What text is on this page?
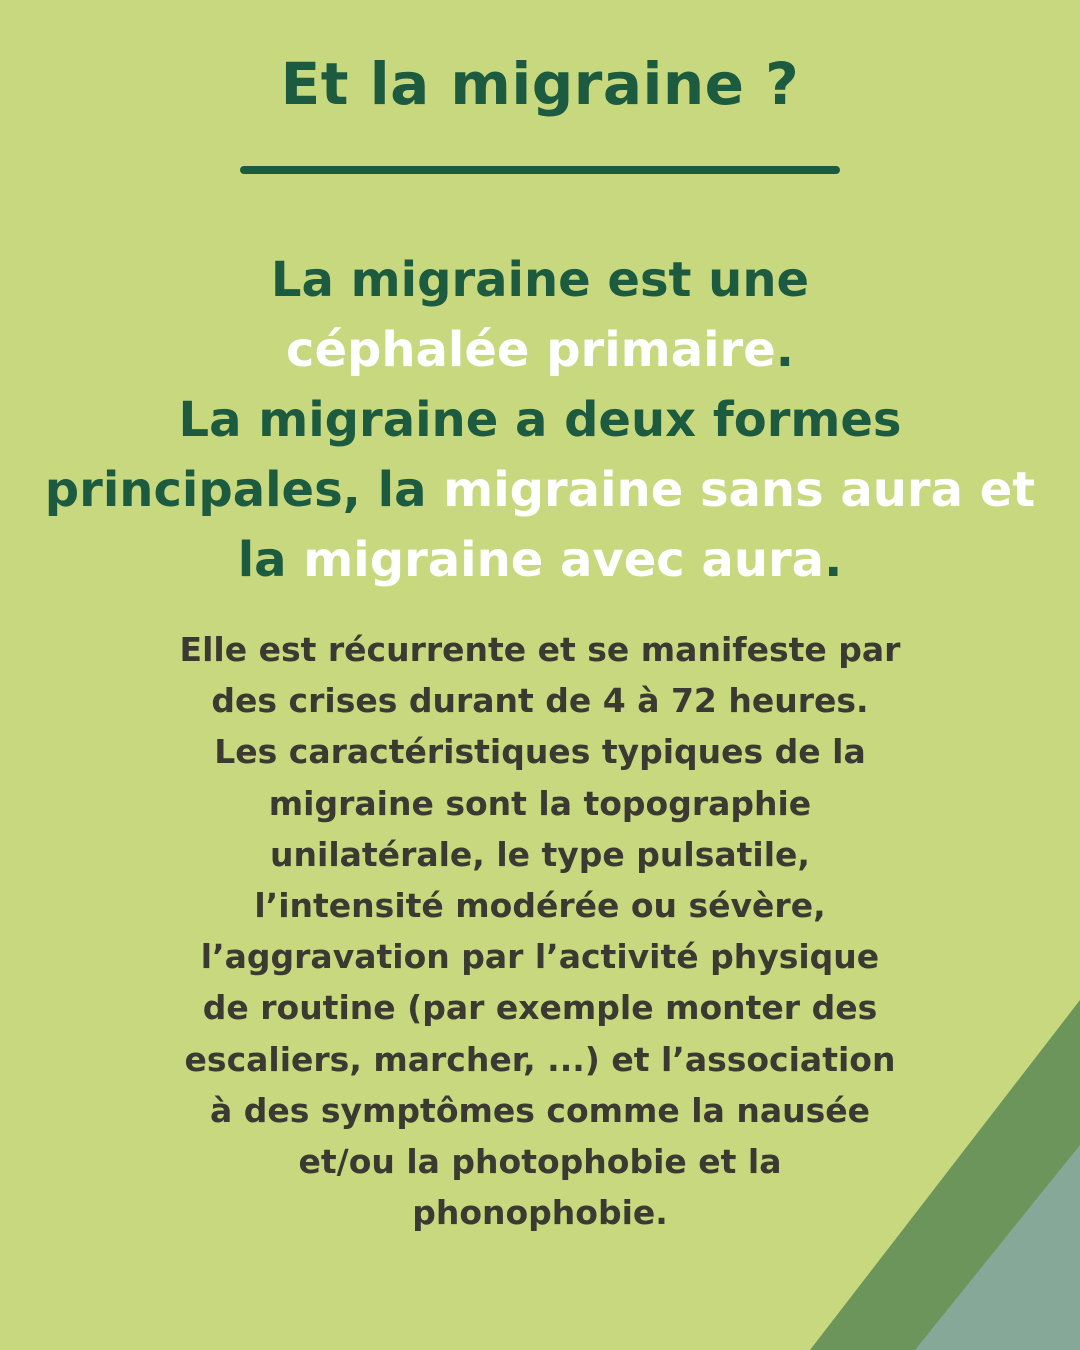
Et la migraine ?

La migraine est une
céphalée primaire.
La migraine a deux formes
principales, la migraine sans aura et
la migraine avec aura.

Elle est récurrente et se manifeste par
des crises durant de 4 à 72 heures.
Les caractéristiques typiques de la
migraine sont la topographie
unilatérale, le type pulsatile,
l’intensité modérée ou sévère,
l’aggravation par l’activité physique
de routine (par exemple monter des
escaliers, marcher, ...) et l’association
à des symptômes comme la nausée
et/ou la photophobie et la
phonophobie.
